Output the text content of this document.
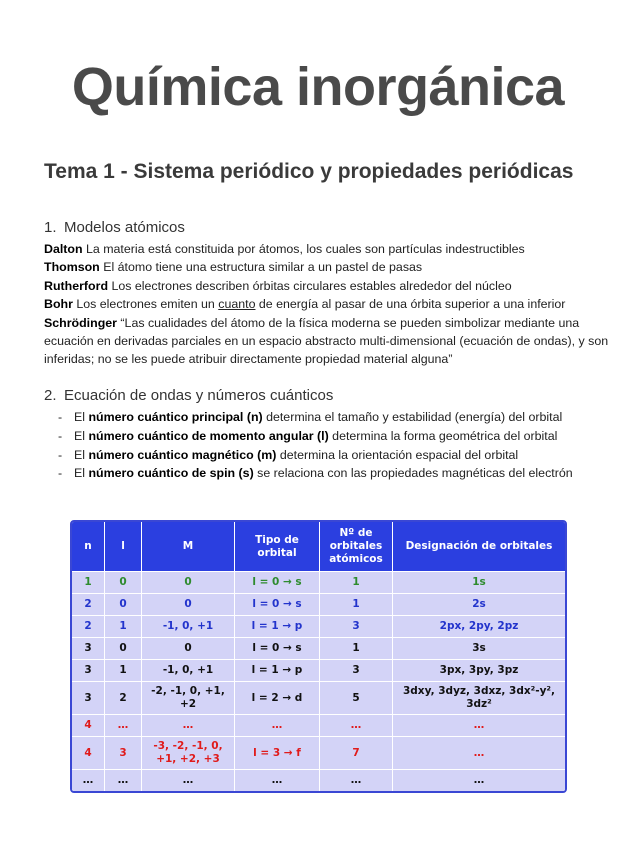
Química inorgánica
Tema 1 - Sistema periódico y propiedades periódicas
1. Modelos atómicos

Dalton La materia está constituida por átomos, los cuales son partículas indestructibles

Thomson El átomo tiene una estructura similar a un pastel de pasas

Rutherford Los electrones describen órbitas circulares estables alrededor del núcleo

Bohr Los electrones emiten un cuanto de energía al pasar de una órbita superior a una inferior

Schrödinger “Las cualidades del átomo de la física moderna se pueden simbolizar mediante una ecuación en derivadas parciales en un espacio abstracto multi-dimensional (ecuación de ondas), y son inferidas; no se les puede atribuir directamente propiedad material alguna”

2. Ecuación de ondas y números cuánticos
- El número cuántico principal (n) determina el tamaño y estabilidad (energía) del orbital
- El número cuántico de momento angular (l) determina la forma geométrica del orbital
- El número cuántico magnético (m) determina la orientación espacial del orbital
- El número cuántico de spin (s) se relaciona con las propiedades magnéticas del electrón
n	l	M	Tipo de orbital	Nº de orbitales atómicos	Designación de orbitales
1	0	0	l = 0 → s	1	1s
2	0	0	l = 0 → s	1	2s
2	1	-1, 0, +1	l = 1 → p	3	2px, 2py, 2pz
3	0	0	l = 0 → s	1	3s
3	1	-1, 0, +1	l = 1 → p	3	3px, 3py, 3pz
3	2	-2, -1, 0, +1, +2	l = 2 → d	5	3dxy, 3dyz, 3dxz, 3dx²-y², 3dz²
4	…	…	…	…	…
4	3	-3, -2, -1, 0, +1, +2, +3	l = 3 → f	7	…
…	…	…	…	…	…
